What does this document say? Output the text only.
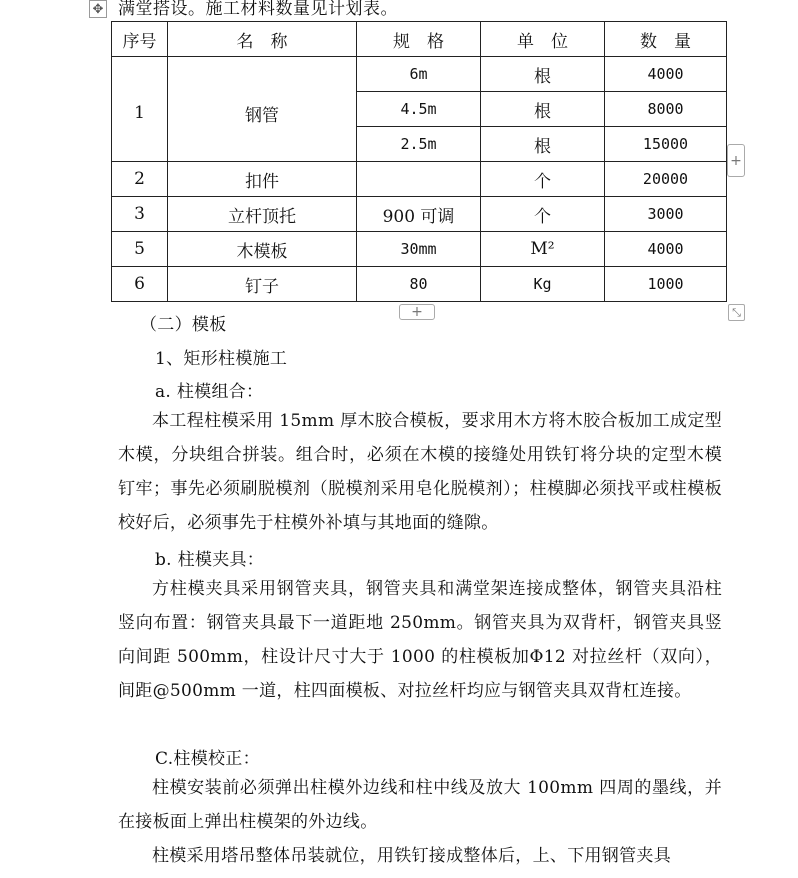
✥ 满堂搭设。施工材料数量见计划表。
序号	名　称	规　格	单　位	数　量
1	钢管	6m	根	4000
		4.5m	根	8000
		2.5m	根	15000
2	扣件		个	20000
3	立杆顶托	900 可调	个	3000
5	木模板	30mm	M²	4000
6	钉子	80	Kg	1000
+
+	⤡
（二）模板
1、矩形柱模施工
a. 柱模组合：
本工程柱模采用 15mm 厚木胶合模板，要求用木方将木胶合板加工成定型木模，分块组合拼装。组合时，必须在木模的接缝处用铁钉将分块的定型木模钉牢；事先必须刷脱模剂（脱模剂采用皂化脱模剂）；柱模脚必须找平或柱模板校好后，必须事先于柱模外补填与其地面的缝隙。
b. 柱模夹具：
方柱模夹具采用钢管夹具，钢管夹具和满堂架连接成整体，钢管夹具沿柱竖向布置：钢管夹具最下一道距地 250mm。钢管夹具为双背杆，钢管夹具竖向间距 500mm，柱设计尺寸大于 1000 的柱模板加Φ12 对拉丝杆（双向），间距@500mm 一道，柱四面模板、对拉丝杆均应与钢管夹具双背杠连接。
C.柱模校正：
柱模安装前必须弹出柱模外边线和柱中线及放大 100mm 四周的墨线，并在接板面上弹出柱模架的外边线。
柱模采用塔吊整体吊装就位，用铁钉接成整体后，上、下用钢管夹具
